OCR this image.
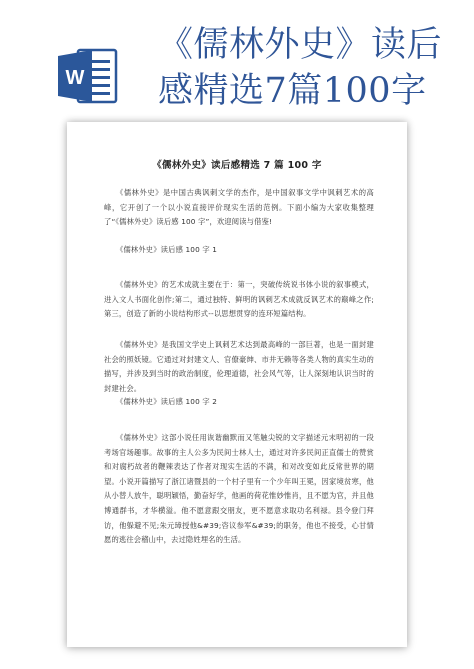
W
《儒林外史》读后
感精选7篇100字
《儒林外史》读后感精选 7 篇 100 字

《儒林外史》是中国古典讽刺文学的杰作，是中国叙事文学中讽刺艺术的高峰，它开创了一个以小说直接评价现实生活的范例。下面小编为大家收集整理了“《儒林外史》读后感 100 字”，欢迎阅读与借鉴!

《儒林外史》读后感 100 字 1

《儒林外史》的艺术成就主要在于：第一，突破传统说书体小说的叙事模式，进入文人书面化创作;第二，通过独特、鲜明的讽刺艺术成就反讽艺术的巅峰之作;第三，创造了新的小说结构形式--以思想贯穿的连环短篇结构。

《儒林外史》是我国文学史上讽刺艺术达到最高峰的一部巨著，也是一面封建社会的照妖镜。它通过对封建文人、官僚豪绅、市井无赖等各类人物的真实生动的描写，并涉及到当时的政治制度，伦理道德，社会风气等，让人深刻地认识当时的封建社会。

《儒林外史》读后感 100 字 2

《儒林外史》这部小说任用诙谐幽默而又笔触尖锐的文字描述元末明初的一段考场官场趣事。故事的主人公多为民间士林人士，通过对许多民间正直儒士的赞赏和对腐朽故者的鞭辣表达了作者对现实生活的不满，和对改变如此反常世界的期望。小说开篇描写了浙江诸暨县的一个村子里有一个少年叫王冕，因家境贫寒，他从小替人放牛，聪明颖悟，勤奋好学，他画的荷花惟妙惟肖，且不愿为官，并且他博通群书，才华横溢。他不愿意跟交朋友，更不愿意求取功名利禄。县令登门拜访，他躲避不见;朱元璋授他&#39;咨议参军&#39;的职务，他也不接受，心甘情愿的逃往会稽山中，去过隐姓埋名的生活。
